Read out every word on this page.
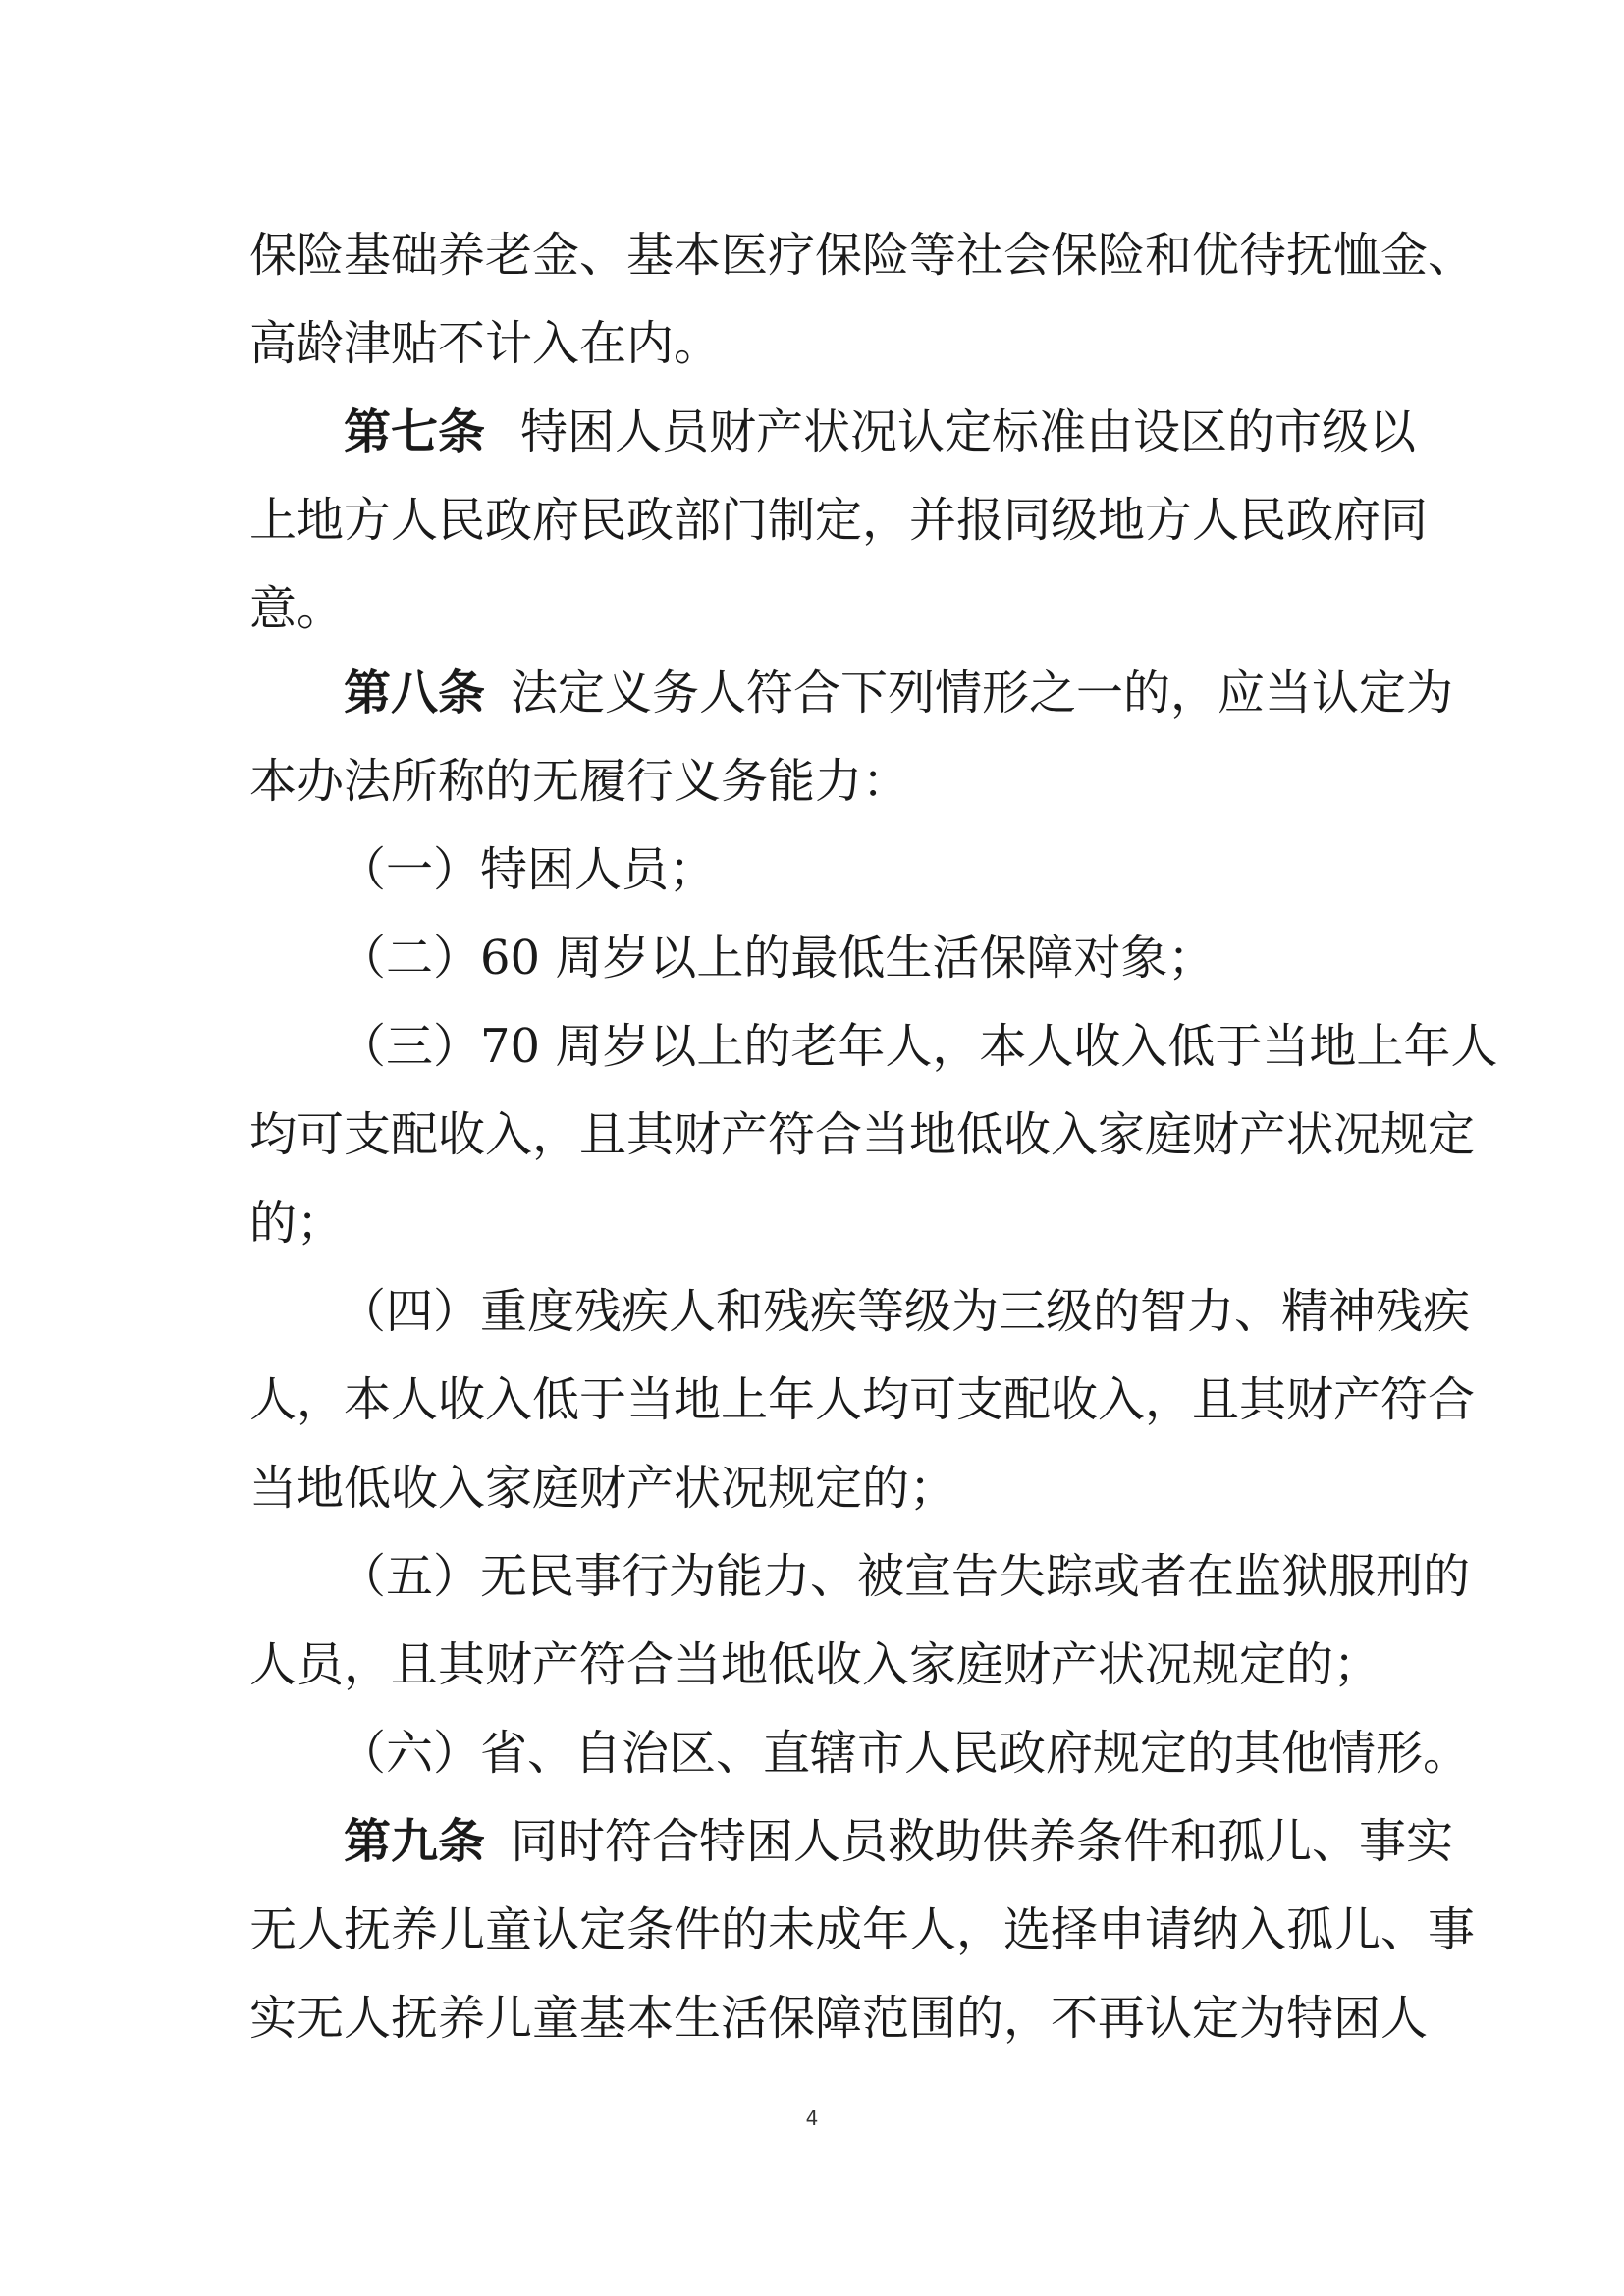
保险基础养老金、基本医疗保险等社会保险和优待抚恤金、
高龄津贴不计入在内。
第七条 特困人员财产状况认定标准由设区的市级以
上地方人民政府民政部门制定，并报同级地方人民政府同
意。
第八条 法定义务人符合下列情形之一的，应当认定为
本办法所称的无履行义务能力：
（一）特困人员；
（二）60 周岁以上的最低生活保障对象；
（三）70 周岁以上的老年人，本人收入低于当地上年人
均可支配收入，且其财产符合当地低收入家庭财产状况规定
的；
（四）重度残疾人和残疾等级为三级的智力、精神残疾
人，本人收入低于当地上年人均可支配收入，且其财产符合
当地低收入家庭财产状况规定的；
（五）无民事行为能力、被宣告失踪或者在监狱服刑的
人员，且其财产符合当地低收入家庭财产状况规定的；
（六）省、自治区、直辖市人民政府规定的其他情形。
第九条 同时符合特困人员救助供养条件和孤儿、事实
无人抚养儿童认定条件的未成年人，选择申请纳入孤儿、事
实无人抚养儿童基本生活保障范围的，不再认定为特困人
4
